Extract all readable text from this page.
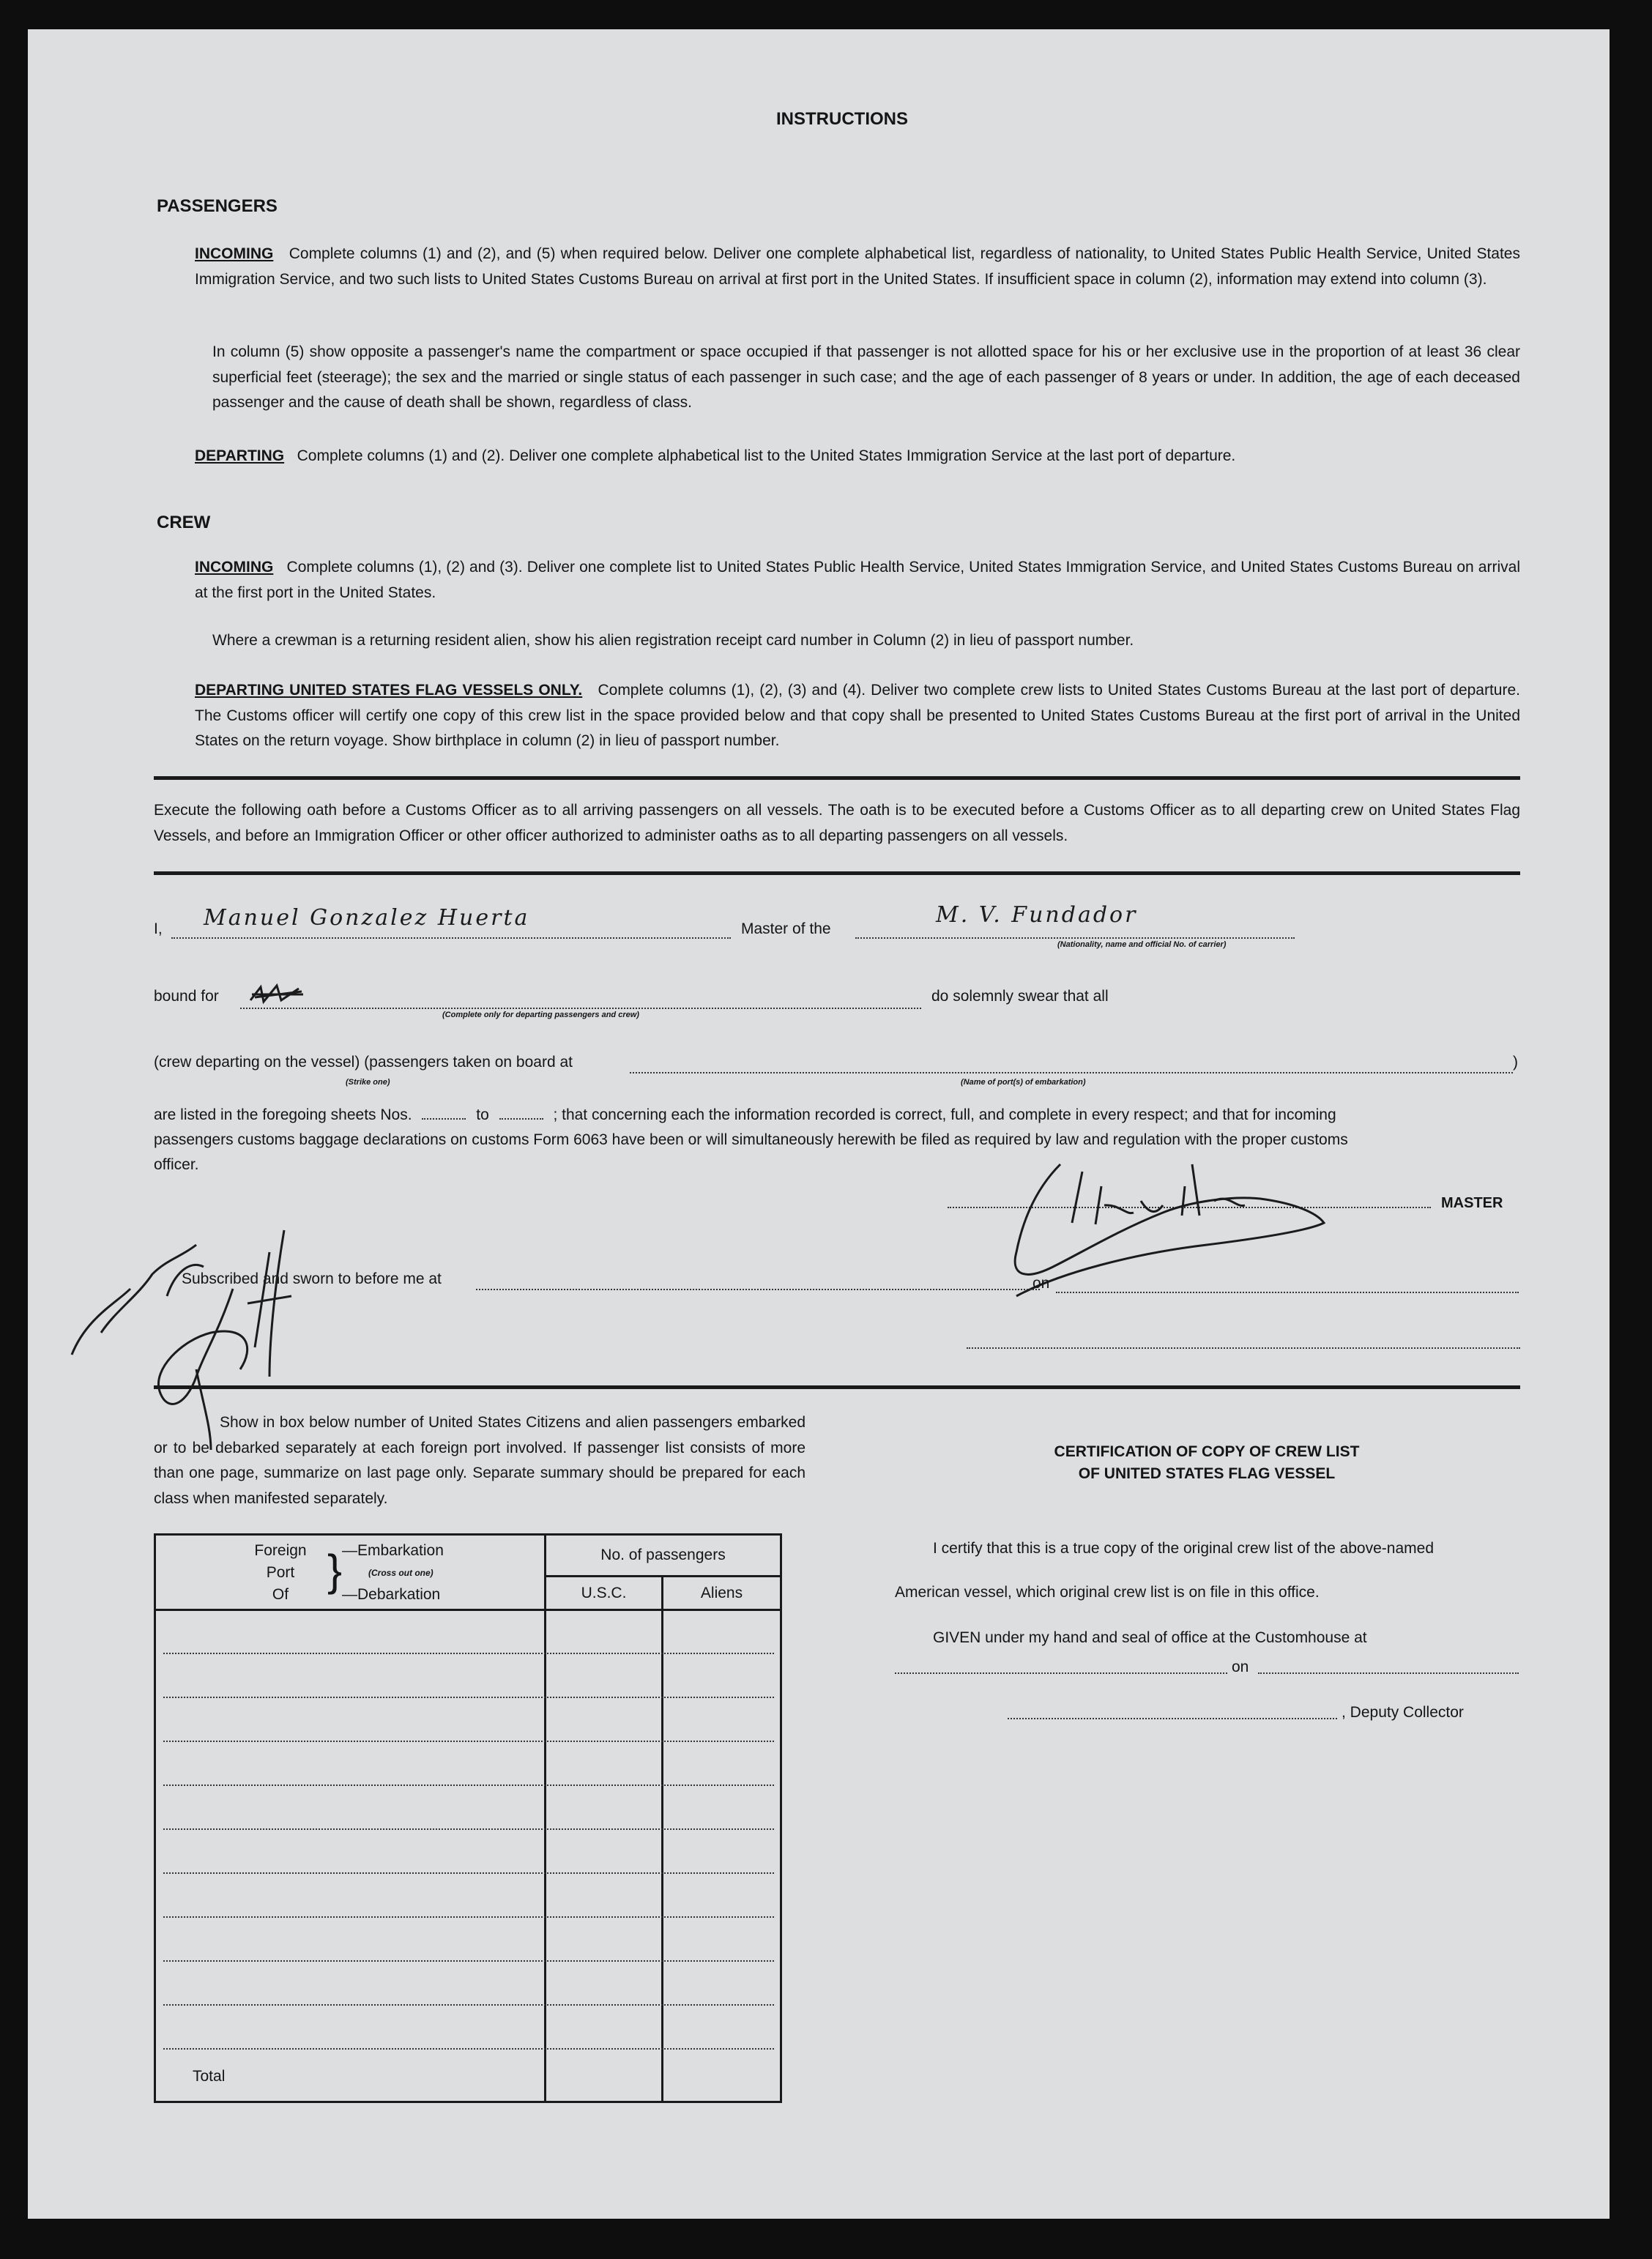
INSTRUCTIONS
PASSENGERS
INCOMING Complete columns (1) and (2), and (5) when required below. Deliver one complete alphabetical list, regardless of nationality, to United States Public Health Service, United States Immigration Service, and two such lists to United States Customs Bureau on arrival at first port in the United States. If insufficient space in column (2), information may extend into column (3).
In column (5) show opposite a passenger's name the compartment or space occupied if that passenger is not allotted space for his or her exclusive use in the proportion of at least 36 clear superficial feet (steerage); the sex and the married or single status of each passenger in such case; and the age of each passenger of 8 years or under. In addition, the age of each deceased passenger and the cause of death shall be shown, regardless of class.
DEPARTING Complete columns (1) and (2). Deliver one complete alphabetical list to the United States Immigration Service at the last port of departure.
CREW
INCOMING Complete columns (1), (2) and (3). Deliver one complete list to United States Public Health Service, United States Immigration Service, and United States Customs Bureau on arrival at the first port in the United States.
Where a crewman is a returning resident alien, show his alien registration receipt card number in Column (2) in lieu of passport number.
DEPARTING UNITED STATES FLAG VESSELS ONLY. Complete columns (1), (2), (3) and (4). Deliver two complete crew lists to United States Customs Bureau at the last port of departure. The Customs officer will certify one copy of this crew list in the space provided below and that copy shall be presented to United States Customs Bureau at the first port of arrival in the United States on the return voyage. Show birthplace in column (2) in lieu of passport number.
Execute the following oath before a Customs Officer as to all arriving passengers on all vessels. The oath is to be executed before a Customs Officer as to all departing crew on United States Flag Vessels, and before an Immigration Officer or other officer authorized to administer oaths as to all departing passengers on all vessels.
I, Manuel Gonzalez Huerta	Master of the
M. V. Fundador
(Nationality, name and official No. of carrier)
bound for
(Complete only for departing passengers and crew)
do solemnly swear that all
(crew departing on the vessel) (passengers taken on board at	)
(Strike one)	(Name of port(s) of embarkation)
are listed in the foregoing sheets Nos.	to	; that concerning each the information recorded is correct, full, and complete in every respect; and that for incoming
passengers customs baggage declarations on customs Form 6063 have been or will simultaneously herewith be filed as required by law and regulation with the proper customs
officer.
MASTER
Subscribed and sworn to before me at	on
Show in box below number of United States Citizens and alien passengers embarked or to be debarked separately at each foreign port involved. If passenger list consists of more than one page, summarize on last page only. Separate summary should be prepared for each class when manifested separately.
Foreign
Port
Of } —Embarkation
(Cross out one)
—Debarkation
No. of passengers
U.S.C.	Aliens
Total
CERTIFICATION OF COPY OF CREW LIST
OF UNITED STATES FLAG VESSEL
I certify that this is a true copy of the original crew list of the above-named
American vessel, which original crew list is on file in this office.
GIVEN under my hand and seal of office at the Customhouse at
on
, Deputy Collector
